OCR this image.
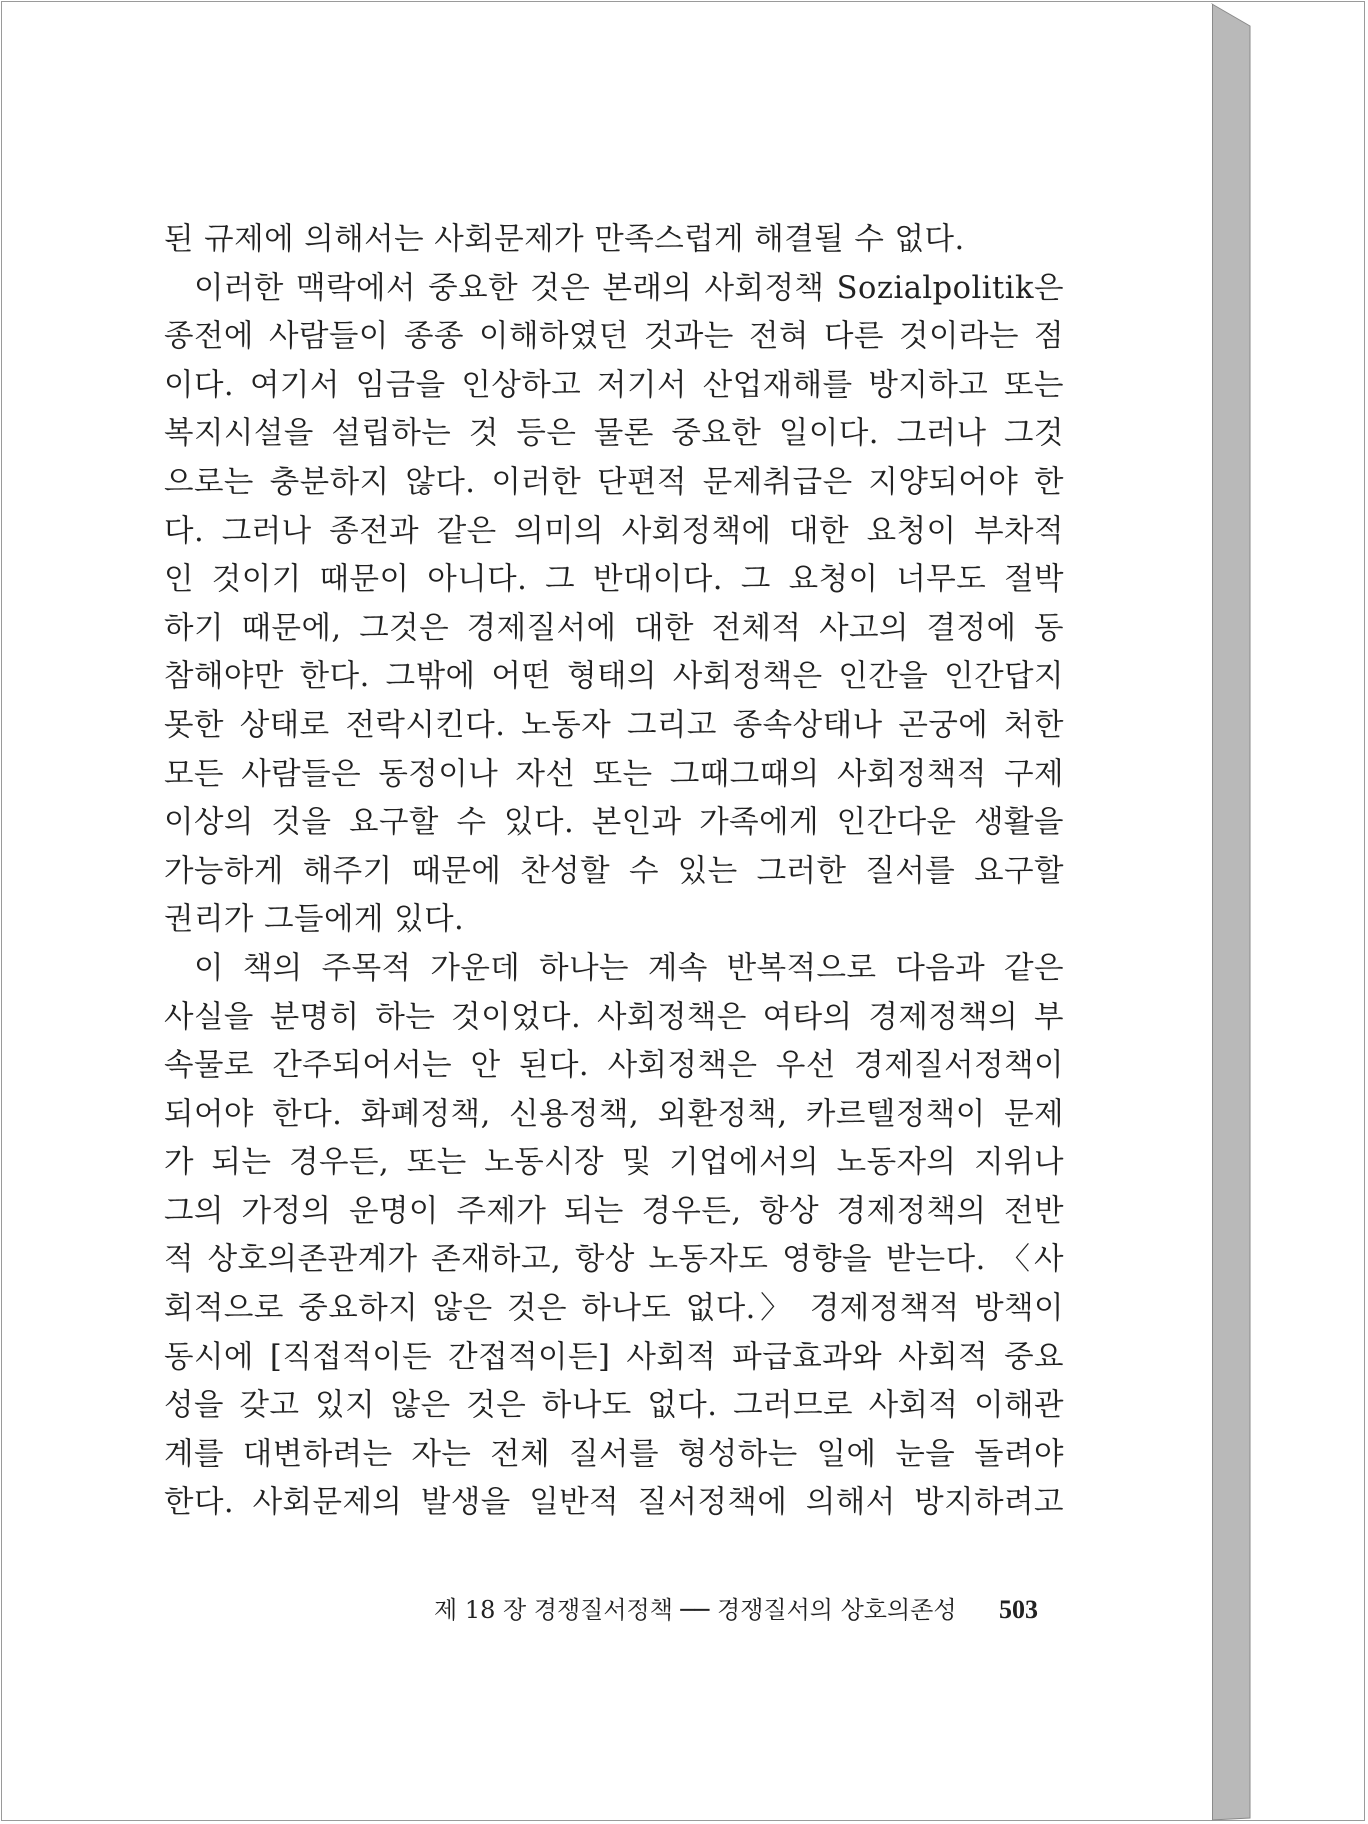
된 규제에 의해서는 사회문제가 만족스럽게 해결될 수 없다.
이러한 맥락에서 중요한 것은 본래의 사회정책 Sozialpolitik은
종전에 사람들이 종종 이해하였던 것과는 전혀 다른 것이라는 점
이다. 여기서 임금을 인상하고 저기서 산업재해를 방지하고 또는
복지시설을 설립하는 것 등은 물론 중요한 일이다. 그러나 그것
으로는 충분하지 않다. 이러한 단편적 문제취급은 지양되어야 한
다. 그러나 종전과 같은 의미의 사회정책에 대한 요청이 부차적
인 것이기 때문이 아니다. 그 반대이다. 그 요청이 너무도 절박
하기 때문에, 그것은 경제질서에 대한 전체적 사고의 결정에 동
참해야만 한다. 그밖에 어떤 형태의 사회정책은 인간을 인간답지
못한 상태로 전락시킨다. 노동자 그리고 종속상태나 곤궁에 처한
모든 사람들은 동정이나 자선 또는 그때그때의 사회정책적 구제
이상의 것을 요구할 수 있다. 본인과 가족에게 인간다운 생활을
가능하게 해주기 때문에 찬성할 수 있는 그러한 질서를 요구할
권리가 그들에게 있다.
이 책의 주목적 가운데 하나는 계속 반복적으로 다음과 같은
사실을 분명히 하는 것이었다. 사회정책은 여타의 경제정책의 부
속물로 간주되어서는 안 된다. 사회정책은 우선 경제질서정책이
되어야 한다. 화폐정책, 신용정책, 외환정책, 카르텔정책이 문제
가 되는 경우든, 또는 노동시장 및 기업에서의 노동자의 지위나
그의 가정의 운명이 주제가 되는 경우든, 항상 경제정책의 전반
적 상호의존관계가 존재하고, 항상 노동자도 영향을 받는다. 〈사
회적으로 중요하지 않은 것은 하나도 없다.〉 경제정책적 방책이
동시에 [직접적이든 간접적이든] 사회적 파급효과와 사회적 중요
성을 갖고 있지 않은 것은 하나도 없다. 그러므로 사회적 이해관
계를 대변하려는 자는 전체 질서를 형성하는 일에 눈을 돌려야
한다. 사회문제의 발생을 일반적 질서정책에 의해서 방지하려고
제 18 장 경쟁질서정책 ── 경쟁질서의 상호의존성 503
